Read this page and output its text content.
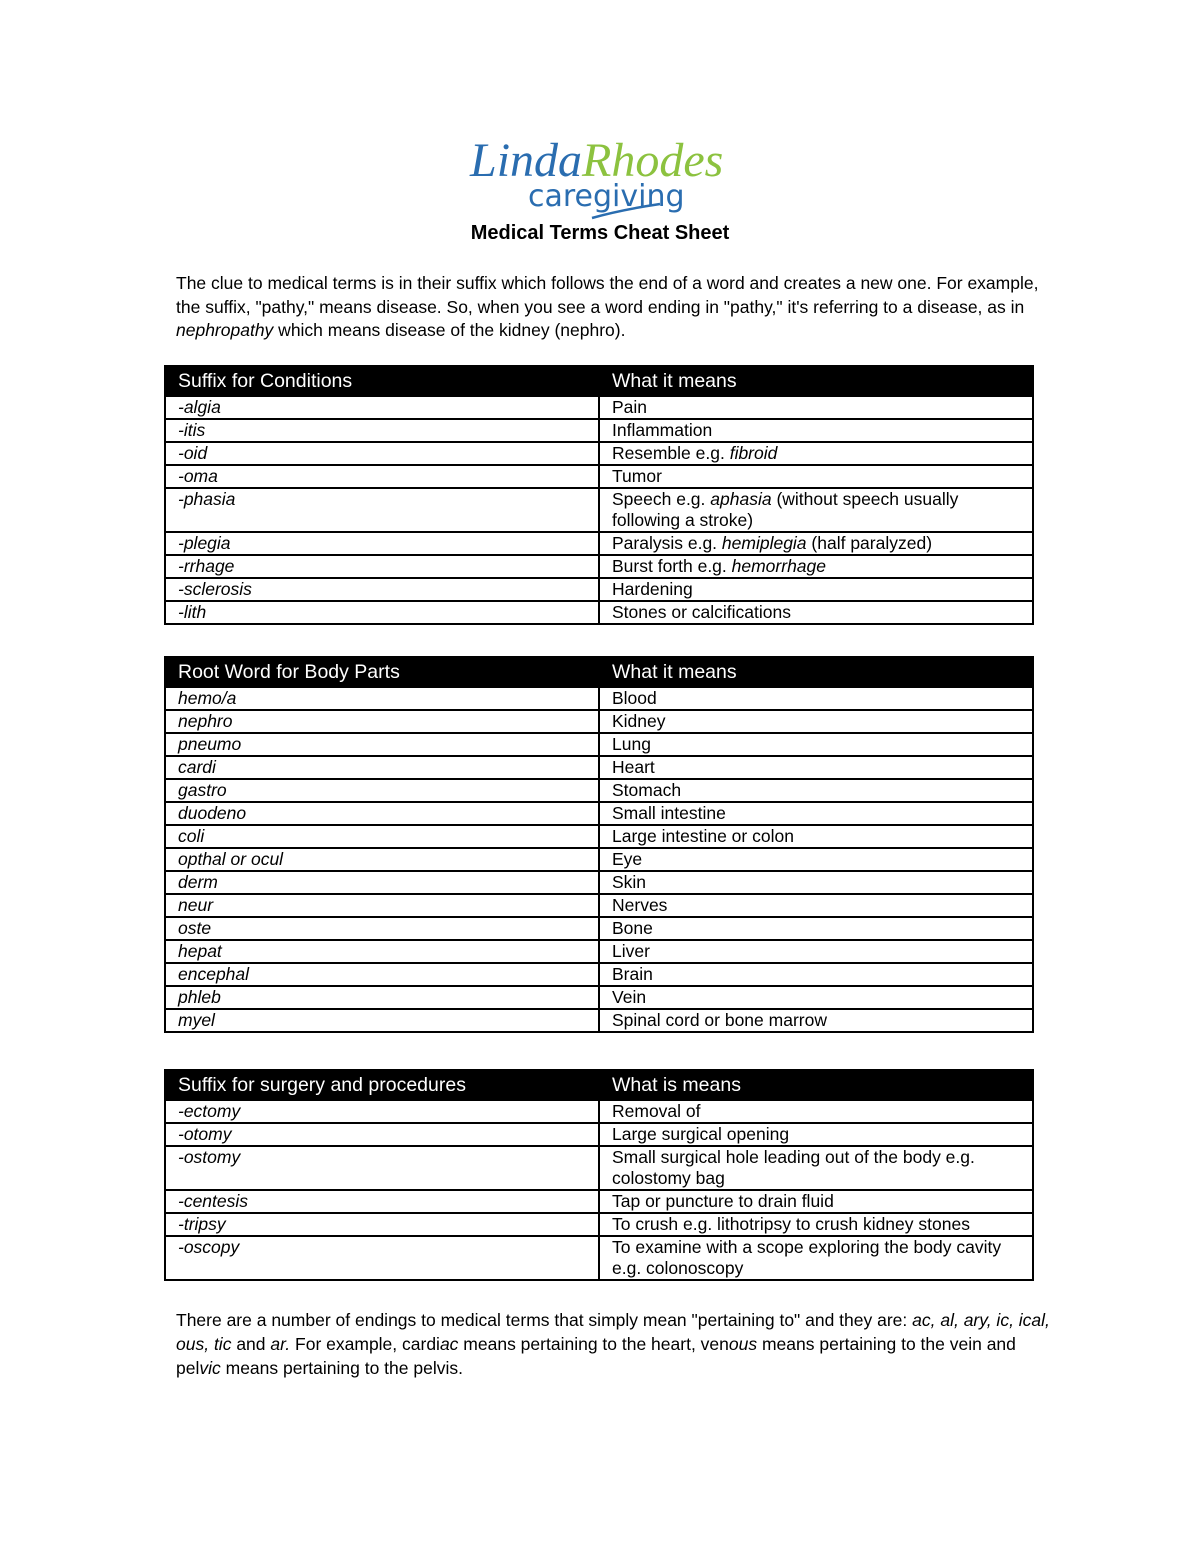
LindaRhodes
caregiving
Medical Terms Cheat Sheet
The clue to medical terms is in their suffix which follows the end of a word and creates a new one. For example, the suffix, "pathy," means disease. So, when you see a word ending in "pathy," it's referring to a disease, as in nephropathy which means disease of the kidney (nephro).
Suffix for Conditions	What it means
-algia	Pain
-itis	Inflammation
-oid	Resemble e.g. fibroid
-oma	Tumor
-phasia	Speech e.g. aphasia (without speech usually following a stroke)
-plegia	Paralysis e.g. hemiplegia (half paralyzed)
-rrhage	Burst forth e.g. hemorrhage
-sclerosis	Hardening
-lith	Stones or calcifications
Root Word for Body Parts	What it means
hemo/a	Blood
nephro	Kidney
pneumo	Lung
cardi	Heart
gastro	Stomach
duodeno	Small intestine
coli	Large intestine or colon
opthal or ocul	Eye
derm	Skin
neur	Nerves
oste	Bone
hepat	Liver
encephal	Brain
phleb	Vein
myel	Spinal cord or bone marrow
Suffix for surgery and procedures	What is means
-ectomy	Removal of
-otomy	Large surgical opening
-ostomy	Small surgical hole leading out of the body e.g. colostomy bag
-centesis	Tap or puncture to drain fluid
-tripsy	To crush e.g. lithotripsy to crush kidney stones
-oscopy	To examine with a scope exploring the body cavity e.g. colonoscopy
There are a number of endings to medical terms that simply mean "pertaining to" and they are: ac, al, ary, ic, ical, ous, tic and ar. For example, cardiac means pertaining to the heart, venous means pertaining to the vein and pelvic means pertaining to the pelvis.
